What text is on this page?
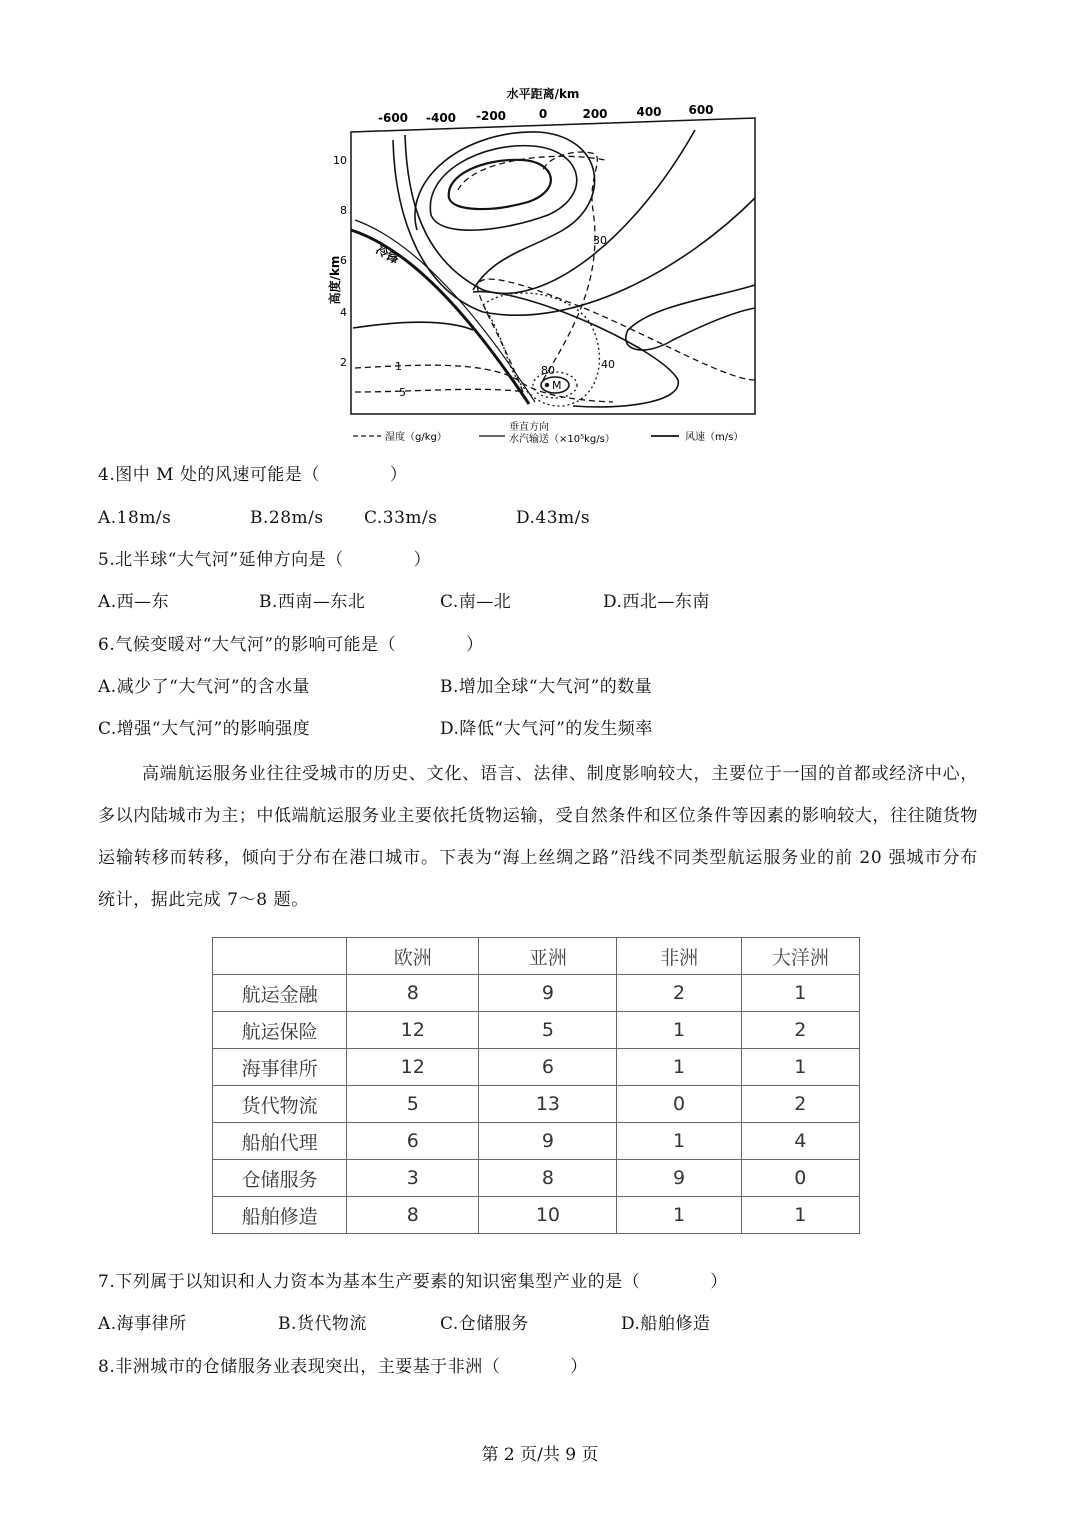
水平距离/km
-600 -400 -200	0	200 400 600
高度/km
10
8
6
4
2
冷锋
M
80	40
30
1
5
湿度（g/kg）
垂直方向
水汽输送（×10⁵kg/s）	风速（m/s）
4.图中 M 处的风速可能是（　　　　）
A.18m/s	B.28m/s C.33m/s	D.43m/s
5.北半球“大气河”延伸方向是（　　　　）
A.西—东	B.西南—东北	C.南—北	D.西北—东南
6.气候变暖对“大气河”的影响可能是（　　　　）
A.减少了“大气河”的含水量	B.增加全球“大气河”的数量
C.增强“大气河”的影响强度	D.降低“大气河”的发生频率
高端航运服务业往往受城市的历史、文化、语言、法律、制度影响较大，主要位于一国的首都或经济中心，多以内陆城市为主；中低端航运服务业主要依托货物运输，受自然条件和区位条件等因素的影响较大，往往随货物运输转移而转移，倾向于分布在港口城市。下表为“海上丝绸之路”沿线不同类型航运服务业的前 20 强城市分布统计，据此完成 7～8 题。
	欧洲	亚洲	非洲	大洋洲
航运金融	8	9	2	1
航运保险	12	5	1	2
海事律所	12	6	1	1
货代物流	5	13	0	2
船舶代理	6	9	1	4
仓储服务	3	8	9	0
船舶修造	8	10	1	1
7.下列属于以知识和人力资本为基本生产要素的知识密集型产业的是（　　　　）
A.海事律所	B.货代物流	C.仓储服务	D.船舶修造
8.非洲城市的仓储服务业表现突出，主要基于非洲（　　　　）
第 2 页/共 9 页
